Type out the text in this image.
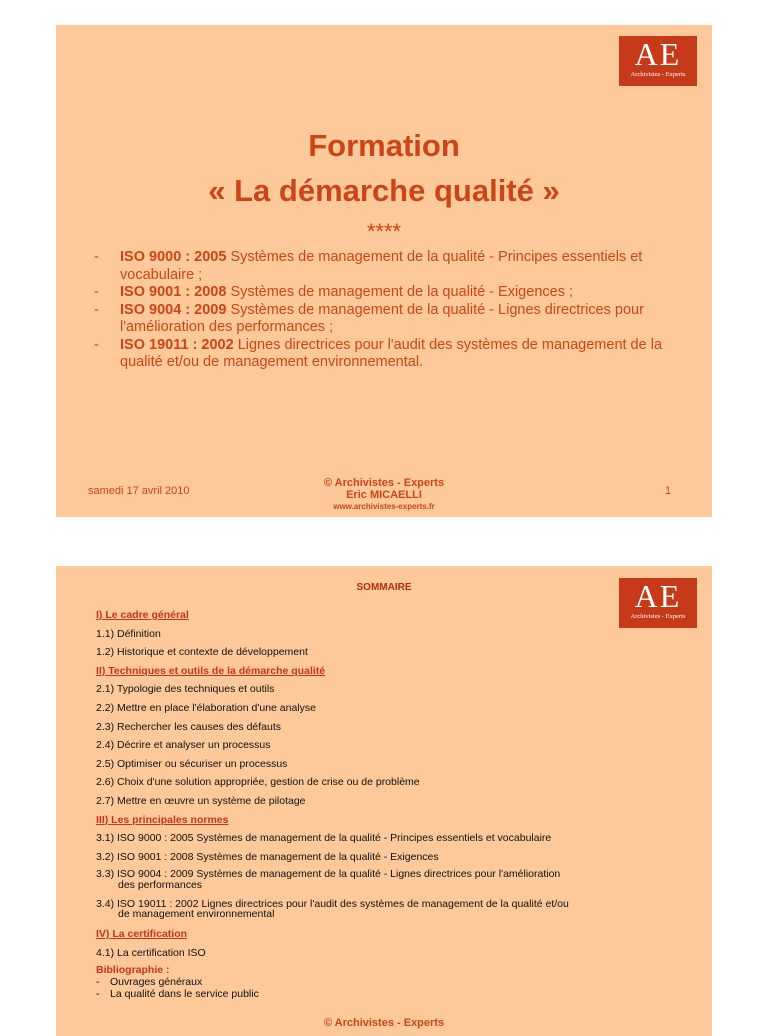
AE
Archivistes - Experts
Formation
« La démarche qualité »
****
- ISO 9000 : 2005 Systèmes de management de la qualité - Principes essentiels et vocabulaire ;
- ISO 9001 : 2008 Systèmes de management de la qualité - Exigences ;
- ISO 9004 : 2009 Systèmes de management de la qualité - Lignes directrices pour l'amélioration des performances ;
- ISO 19011 : 2002 Lignes directrices pour l'audit des systèmes de management de la qualité et/ou de management environnemental.
samedi 17 avril 2010
© Archivistes - Experts
Eric MICAELLI
www.archivistes-experts.fr
1
AE
Archivistes - Experts
SOMMAIRE
I) Le cadre général
1.1) Définition
1.2) Historique et contexte de développement
II) Techniques et outils de la démarche qualité
2.1) Typologie des techniques et outils
2.2) Mettre en place l'élaboration d'une analyse
2.3) Rechercher les causes des défauts
2.4) Décrire et analyser un processus
2.5) Optimiser ou sécuriser un processus
2.6) Choix d'une solution appropriée, gestion de crise ou de problème
2.7) Mettre en œuvre un système de pilotage
III) Les principales normes
3.1) ISO 9000 : 2005 Systèmes de management de la qualité - Principes essentiels et vocabulaire
3.2) ISO 9001 : 2008 Systèmes de management de la qualité - Exigences
3.3) ISO 9004 : 2009 Systèmes de management de la qualité - Lignes directrices pour l'amélioration
des performances
3.4) ISO 19011 : 2002 Lignes directrices pour l'audit des systèmes de management de la qualité et/ou
de management environnemental
IV) La certification
4.1) La certification ISO
Bibliographie :
- Ouvrages généraux
- La qualité dans le service public
© Archivistes - Experts
